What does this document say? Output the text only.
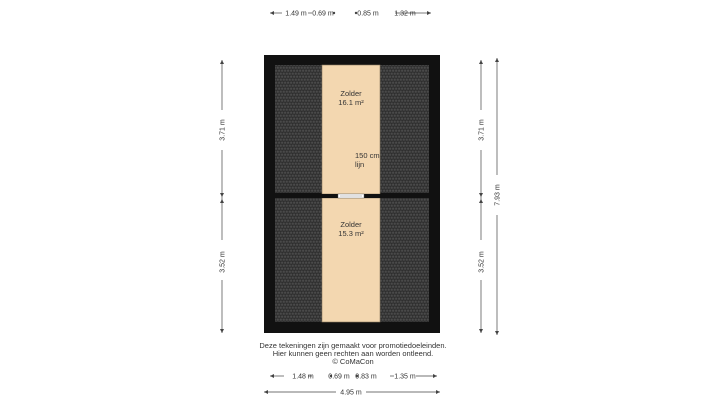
Zolder
16.1 m²
150 cm
lijn
Zolder
15.3 m²
1.49 m 0.69 m	0.85 m 1.32 m
3.71 m
3.52 m
3.71 m
3.52 m
7.93 m
Deze tekeningen zijn gemaakt voor promotiedoeleinden.
Hier kunnen geen rechten aan worden ontleend.
© CoMaCon
1.48 m 0.69 m 0.83 m	1.35 m
4.95 m
